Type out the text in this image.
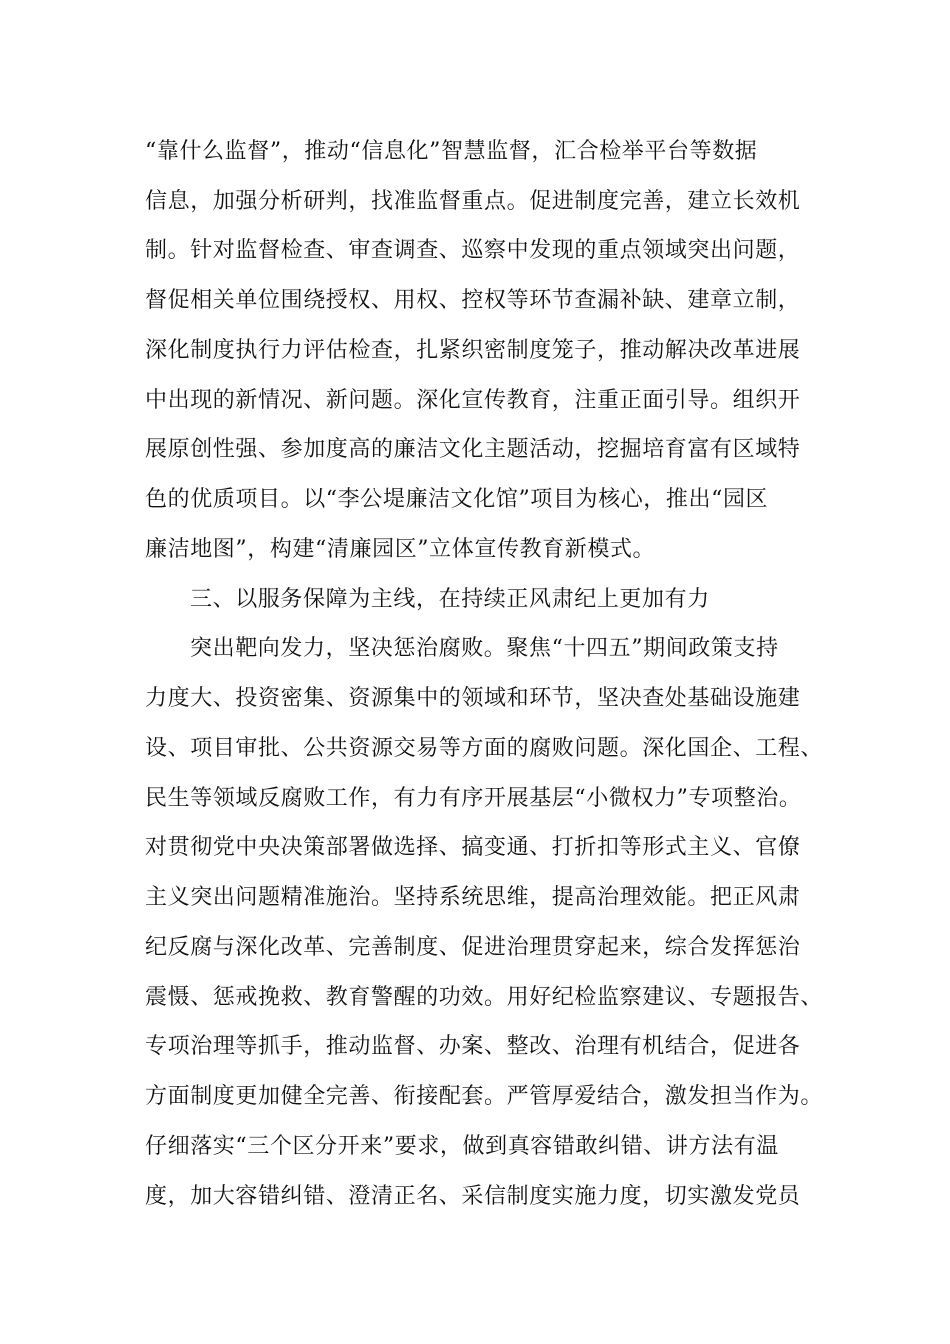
“靠什么监督”，推动“信息化”智慧监督，汇合检举平台等数据
信息，加强分析研判，找准监督重点。促进制度完善，建立长效机
制。针对监督检查、审查调查、巡察中发现的重点领域突出问题，
督促相关单位围绕授权、用权、控权等环节查漏补缺、建章立制，
深化制度执行力评估检查，扎紧织密制度笼子，推动解决改革进展
中出现的新情况、新问题。深化宣传教育，注重正面引导。组织开
展原创性强、参加度高的廉洁文化主题活动，挖掘培育富有区域特
色的优质项目。以“李公堤廉洁文化馆”项目为核心，推出“园区
廉洁地图”，构建“清廉园区”立体宣传教育新模式。
三、以服务保障为主线，在持续正风肃纪上更加有力
突出靶向发力，坚决惩治腐败。聚焦“十四五”期间政策支持
力度大、投资密集、资源集中的领域和环节，坚决查处基础设施建
设、项目审批、公共资源交易等方面的腐败问题。深化国企、工程、
民生等领域反腐败工作，有力有序开展基层“小微权力”专项整治。
对贯彻党中央决策部署做选择、搞变通、打折扣等形式主义、官僚
主义突出问题精准施治。坚持系统思维，提高治理效能。把正风肃
纪反腐与深化改革、完善制度、促进治理贯穿起来，综合发挥惩治
震慑、惩戒挽救、教育警醒的功效。用好纪检监察建议、专题报告、
专项治理等抓手，推动监督、办案、整改、治理有机结合，促进各
方面制度更加健全完善、衔接配套。严管厚爱结合，激发担当作为。
仔细落实“三个区分开来”要求，做到真容错敢纠错、讲方法有温
度，加大容错纠错、澄清正名、采信制度实施力度，切实激发党员
